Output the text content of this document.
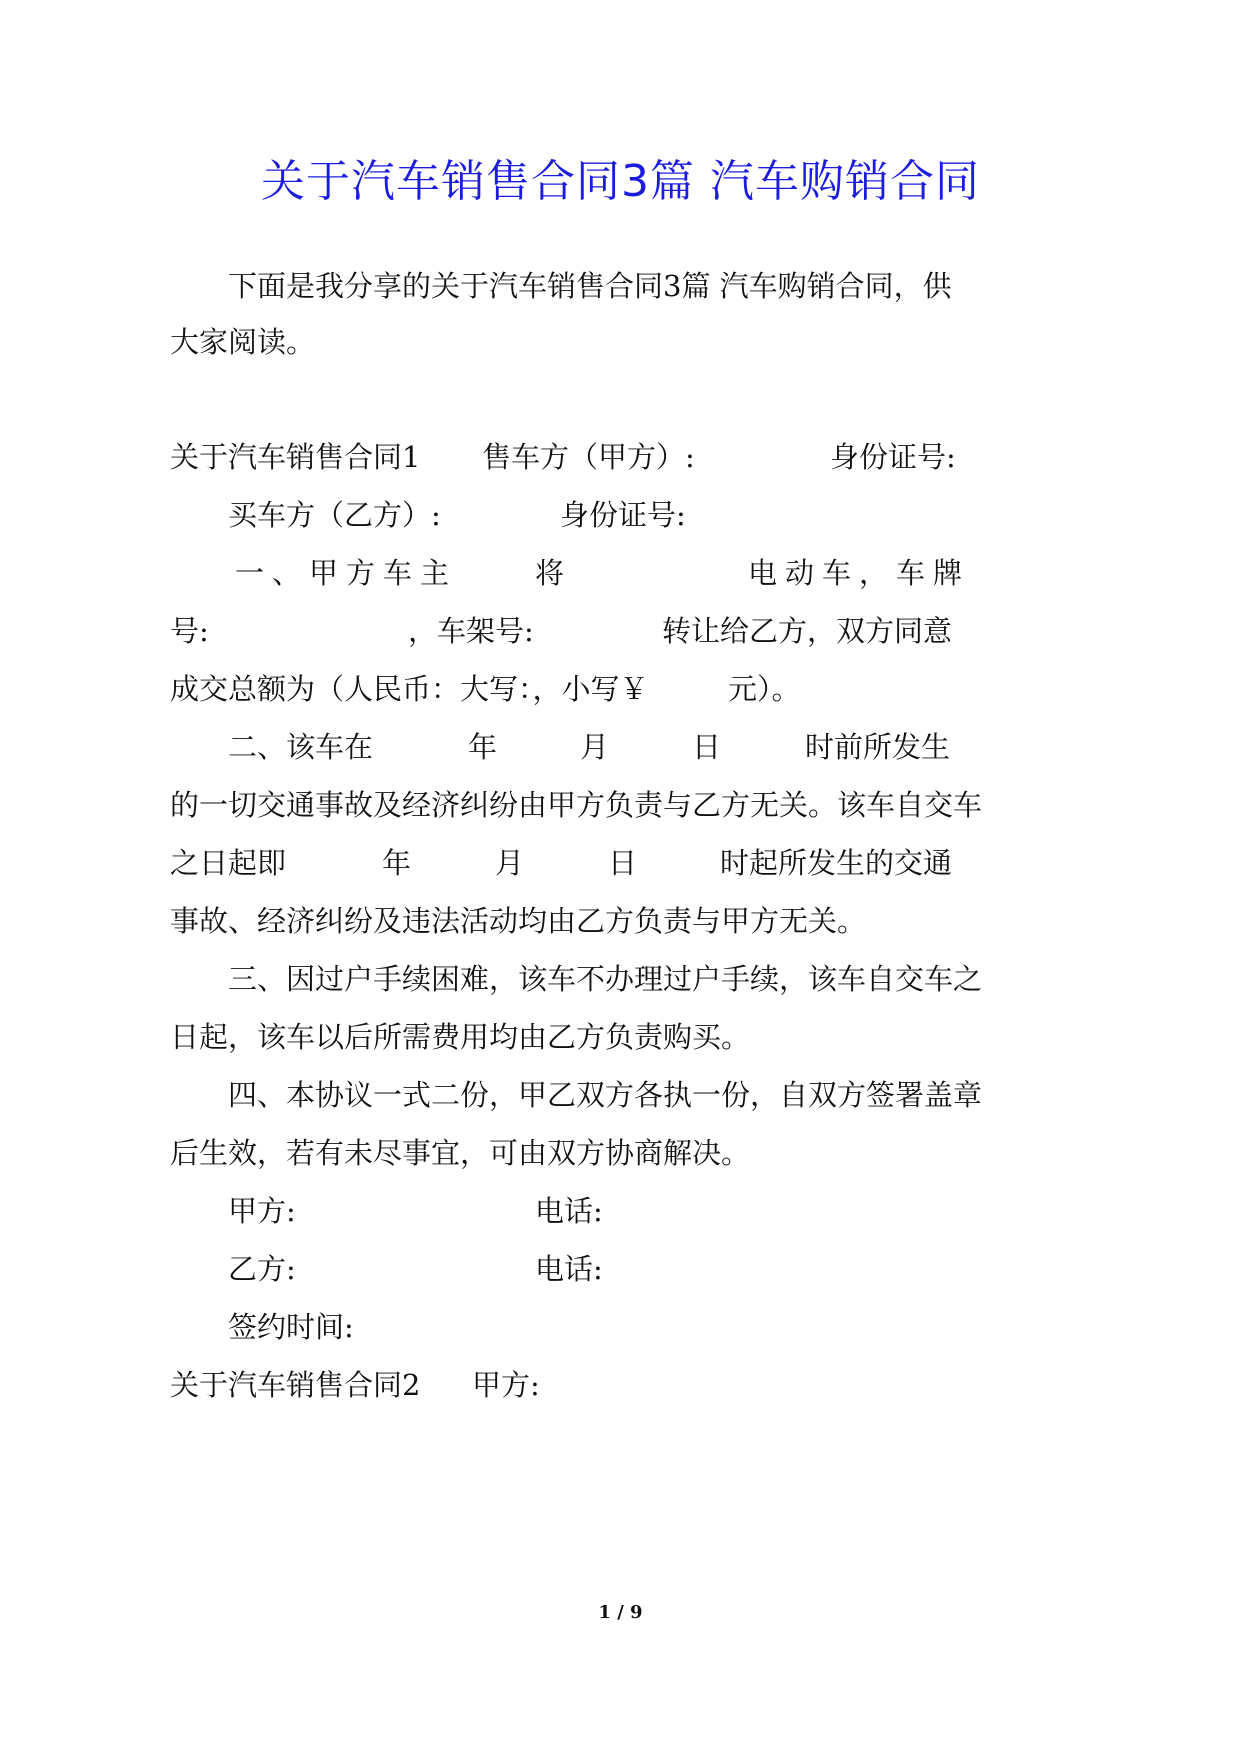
关于汽车销售合同3篇 汽车购销合同
下面是我分享的关于汽车销售合同3篇 汽车购销合同，供
大家阅读。
关于汽车销售合同1 售车方（甲方）:	身份证号:
买车方（乙方）:	身份证号:
一、甲方车主	将	电动车，车牌
号:	，车架号:	转让给乙方，双方同意
成交总额为（人民币：大写：，小写￥	元）。
二、该车在	年	月	日	时前所发生
的一切交通事故及经济纠纷由甲方负责与乙方无关。该车自交车
之日起即	年	月	日	时起所发生的交通
事故、经济纠纷及违法活动均由乙方负责与甲方无关。
三、因过户手续困难，该车不办理过户手续，该车自交车之
日起，该车以后所需费用均由乙方负责购买。
四、本协议一式二份，甲乙双方各执一份，自双方签署盖章
后生效，若有未尽事宜，可由双方协商解决。
甲方:	电话:
乙方:	电话:
签约时间:
关于汽车销售合同2 甲方:
1 / 9
